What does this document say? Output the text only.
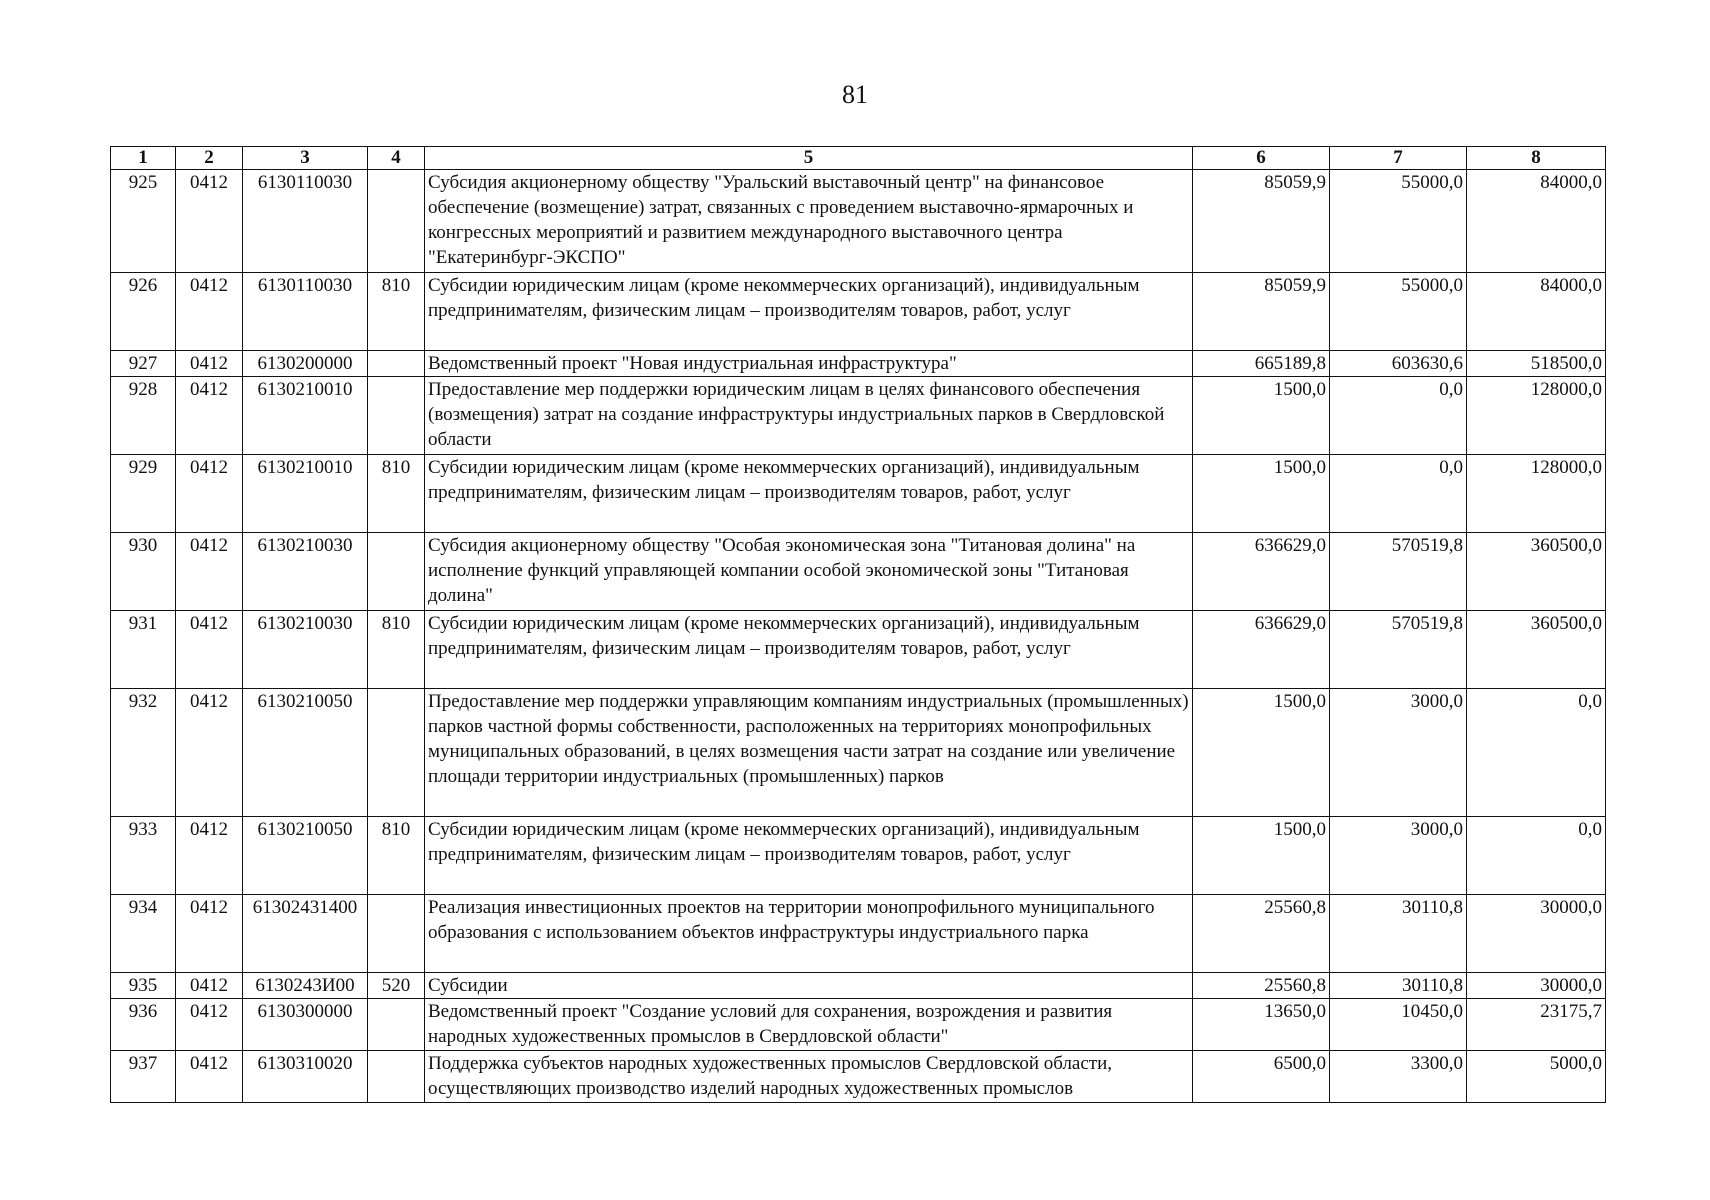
81
1	2	3	4	5	6	7	8
925	0412	6130110030		Субсидия акционерному обществу "Уральский выставочный центр" на финансовое обеспечение (возмещение) затрат, связанных с проведением выставочно-ярмарочных и конгрессных мероприятий и развитием международного выставочного центра "Екатеринбург-ЭКСПО"	85059,9	55000,0	84000,0
926	0412	6130110030	810	Субсидии юридическим лицам (кроме некоммерческих организаций), индивидуальным предпринимателям, физическим лицам – производителям товаров, работ, услуг	85059,9	55000,0	84000,0
927	0412	6130200000		Ведомственный проект "Новая индустриальная инфраструктура"	665189,8	603630,6	518500,0
928	0412	6130210010		Предоставление мер поддержки юридическим лицам в целях финансового обеспечения (возмещения) затрат на создание инфраструктуры индустриальных парков в Свердловской области	1500,0	0,0	128000,0
929	0412	6130210010	810	Субсидии юридическим лицам (кроме некоммерческих организаций), индивидуальным предпринимателям, физическим лицам – производителям товаров, работ, услуг	1500,0	0,0	128000,0
930	0412	6130210030		Субсидия акционерному обществу "Особая экономическая зона "Титановая долина" на исполнение функций управляющей компании особой экономической зоны "Титановая долина"	636629,0	570519,8	360500,0
931	0412	6130210030	810	Субсидии юридическим лицам (кроме некоммерческих организаций), индивидуальным предпринимателям, физическим лицам – производителям товаров, работ, услуг	636629,0	570519,8	360500,0
932	0412	6130210050		Предоставление мер поддержки управляющим компаниям индустриальных (промышленных) парков частной формы собственности, расположенных на территориях монопрофильных муниципальных образований, в целях возмещения части затрат на создание или увеличение площади территории индустриальных (промышленных) парков	1500,0	3000,0	0,0
933	0412	6130210050	810	Субсидии юридическим лицам (кроме некоммерческих организаций), индивидуальным предпринимателям, физическим лицам – производителям товаров, работ, услуг	1500,0	3000,0	0,0
934	0412	61302431400		Реализация инвестиционных проектов на территории монопрофильного муниципального образования с использованием объектов инфраструктуры индустриального парка	25560,8	30110,8	30000,0
935	0412	6130243И00	520	Субсидии	25560,8	30110,8	30000,0
936	0412	6130300000		Ведомственный проект "Создание условий для сохранения, возрождения и развития народных художественных промыслов в Свердловской области"	13650,0	10450,0	23175,7
937	0412	6130310020		Поддержка субъектов народных художественных промыслов Свердловской области, осуществляющих производство изделий народных художественных промыслов	6500,0	3300,0	5000,0
